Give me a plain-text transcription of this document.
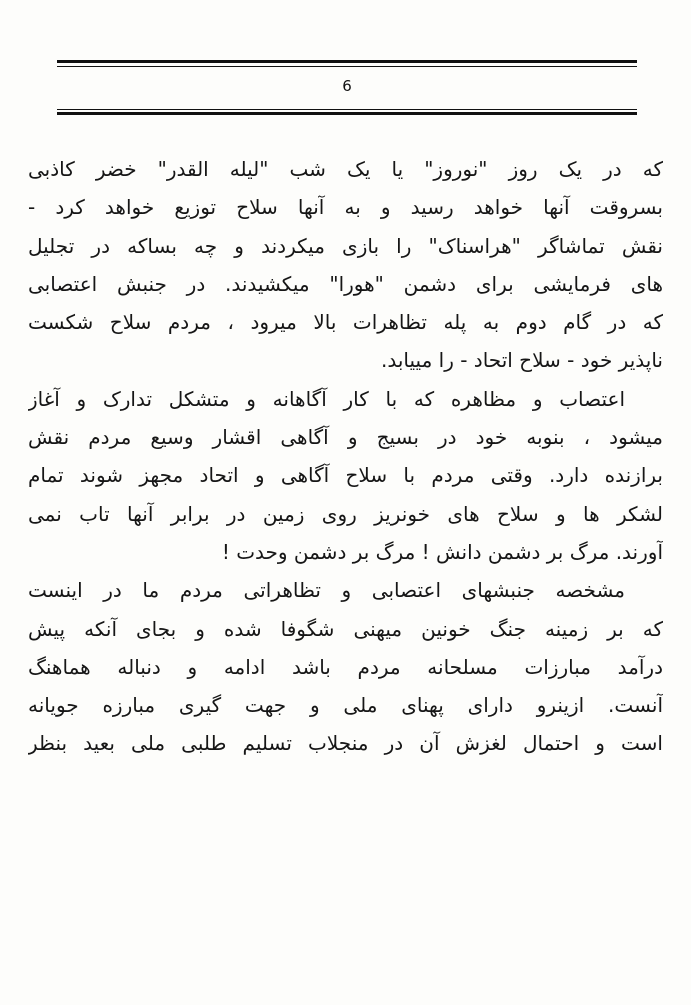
6
که در یک روز "نوروز" یا یک شب "لیله القدر" خضر کاذبی
بسروقت آنها خواهد رسید و به آنها سلاح توزیع خواهد کرد -
نقش تماشاگر "هراسناک" را بازی میکردند و چه بساکه در تجلیل
های فرمایشی برای دشمن "هورا" میکشیدند. در جنبش اعتصابی
که در گام دوم به پله تظاهرات بالا میرود ، مردم سلاح شکست
ناپذیر خود - سلاح اتحاد - را مییابد.
اعتصاب و مظاهره که با کار آگاهانه و متشکل تدارک و آغاز
میشود ، بنوبه خود در بسیج و آگاهی اقشار وسیع مردم نقش
برازنده دارد. وقتی مردم با سلاح آگاهی و اتحاد مجهز شوند تمام
لشکر ها و سلاح های خونریز روی زمین در برابر آنها تاب نمی
آورند. مرگ بر دشمن دانش ! مرگ بر دشمن وحدت !
مشخصه جنبشهای اعتصابی و تظاهراتی مردم ما در اینست
که بر زمینه جنگ خونین میهنی شگوفا شده و بجای آنکه پیش
درآمد مبارزات مسلحانه مردم باشد ادامه و دنباله هماهنگ
آنست. ازینرو دارای پهنای ملی و جهت گیری مبارزه جویانه
است و احتمال لغزش آن در منجلاب تسلیم طلبی ملی بعید بنظر
